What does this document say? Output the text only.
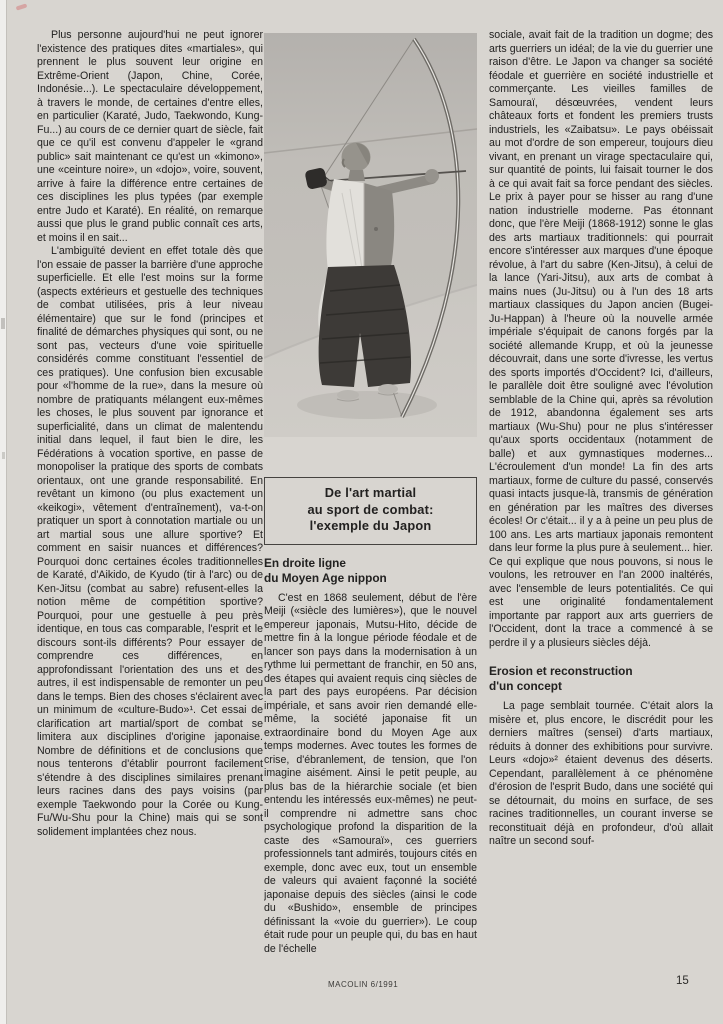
Plus personne aujourd'hui ne peut ignorer l'existence des pratiques dites «martiales», qui prennent le plus souvent leur origine en Extrême-Orient (Japon, Chine, Corée, Indonésie...). Le spectaculaire développement, à travers le monde, de certaines d'entre elles, en particulier (Karaté, Judo, Taekwondo, Kung-Fu...) au cours de ce dernier quart de siècle, fait que ce qu'il est convenu d'appeler le «grand public» sait maintenant ce qu'est un «kimono», une «ceinture noire», un «dojo», voire, souvent, arrive à faire la différence entre certaines de ces disciplines les plus typées (par exemple entre Judo et Karaté). En réalité, on remarque aussi que plus le grand public connaît ces arts, et moins il en sait...

L'ambiguïté devient en effet totale dès que l'on essaie de passer la barrière d'une approche superficielle. Et elle l'est moins sur la forme (aspects extérieurs et gestuelle des techniques de combat utilisées, pris à leur niveau élémentaire) que sur le fond (principes et finalité de démarches physiques qui sont, ou ne sont pas, vecteurs d'une voie spirituelle considérés comme constituant l'essentiel de ces pratiques). Une confusion bien excusable pour «l'homme de la rue», dans la mesure où nombre de pratiquants mélangent eux-mêmes les choses, le plus souvent par ignorance et superficialité, dans un climat de malentendu initial dans lequel, il faut bien le dire, les Fédérations à vocation sportive, en passe de monopoliser la pratique des sports de combats orientaux, ont une grande responsabilité. En revêtant un kimono (ou plus exactement un «keikogi», vêtement d'entraînement), va-t-on pratiquer un sport à connotation martiale ou un art martial sous une allure sportive? Et comment en saisir nuances et différences? Pourquoi donc certaines écoles traditionnelles de Karaté, d'Aikido, de Kyudo (tir à l'arc) ou de Ken-Jitsu (combat au sabre) refusent-elles la notion même de compétition sportive? Pourquoi, pour une gestuelle à peu près identique, en tous cas comparable, l'esprit et le discours sont-ils différents? Pour essayer de comprendre ces différences, en approfondissant l'orientation des uns et des autres, il est indispensable de remonter un peu dans le temps. Bien des choses s'éclairent avec un minimum de «culture-Budo»¹. Cet essai de clarification art martial/sport de combat se limitera aux disciplines d'origine japonaise. Nombre de définitions et de conclusions que nous tenterons d'établir pourront facilement s'étendre à des disciplines similaires prenant leurs racines dans des pays voisins (par exemple Taekwondo pour la Corée ou Kung-Fu/Wu-Shu pour la Chine) mais qui se sont solidement implantées chez nous.

De l'art martial
au sport de combat:
l'exemple du Japon
En droite ligne
du Moyen Age nippon

C'est en 1868 seulement, début de l'ère Meiji («siècle des lumières»), que le nouvel empereur japonais, Mutsu-Hito, décide de mettre fin à la longue période féodale et de lancer son pays dans la modernisation à un rythme lui permettant de franchir, en 50 ans, des étapes qui avaient requis cinq siècles de la part des pays européens. Par décision impériale, et sans avoir rien demandé elle-même, la société japonaise fit un extraordinaire bond du Moyen Age aux temps modernes. Avec toutes les formes de crise, d'ébranlement, de tension, que l'on imagine aisément. Ainsi le petit peuple, au plus bas de la hiérarchie sociale (et bien entendu les intéressés eux-mêmes) ne peut-il comprendre ni admettre sans choc psychologique profond la disparition de la caste des «Samouraï», ces guerriers professionnels tant admirés, toujours cités en exemple, donc avec eux, tout un ensemble de valeurs qui avaient façonné la société japonaise depuis des siècles (ainsi le code du «Bushido», ensemble de principes définissant la «voie du guerrier»). Le coup était rude pour un peuple qui, du bas en haut de l'échelle

sociale, avait fait de la tradition un dogme; des arts guerriers un idéal; de la vie du guerrier une raison d'être. Le Japon va changer sa société féodale et guerrière en société industrielle et commerçante. Les vieilles familles de Samouraï, désœuvrées, vendent leurs châteaux forts et fondent les premiers trusts industriels, les «Zaibatsu». Le pays obéissait au mot d'ordre de son empereur, toujours dieu vivant, en prenant un virage spectaculaire qui, sur quantité de points, lui faisait tourner le dos à ce qui avait fait sa force pendant des siècles. Le prix à payer pour se hisser au rang d'une nation industrielle moderne. Pas étonnant donc, que l'ère Meiji (1868-1912) sonne le glas des arts martiaux traditionnels: qui pourrait encore s'intéresser aux marques d'une époque révolue, à l'art du sabre (Ken-Jitsu), à celui de la lance (Yari-Jitsu), aux arts de combat à mains nues (Ju-Jitsu) ou à l'un des 18 arts martiaux classiques du Japon ancien (Bugei-Ju-Happan) à l'heure où la nouvelle armée impériale s'équipait de canons forgés par la société allemande Krupp, et où la jeunesse découvrait, dans une sorte d'ivresse, les vertus des sports importés d'Occident? Ici, d'ailleurs, le parallèle doit être souligné avec l'évolution semblable de la Chine qui, après sa révolution de 1912, abandonna également ses arts martiaux (Wu-Shu) pour ne plus s'intéresser qu'aux sports occidentaux (notamment de balle) et aux gymnastiques modernes... L'écroulement d'un monde! La fin des arts martiaux, forme de culture du passé, conservés quasi intacts jusque-là, transmis de génération en génération par les maîtres des diverses écoles! Or c'était... il y a à peine un peu plus de 100 ans. Les arts martiaux japonais remontent dans leur forme la plus pure à seulement... hier. Ce qui explique que nous pouvons, si nous le voulons, les retrouver en l'an 2000 inaltérés, avec l'ensemble de leurs potentialités. Ce qui est une originalité fondamentalement importante par rapport aux arts guerriers de l'Occident, dont la trace a commencé à se perdre il y a plusieurs siècles déjà.

Erosion et reconstruction
d'un concept

La page semblait tournée. C'était alors la misère et, plus encore, le discrédit pour les derniers maîtres (sensei) d'arts martiaux, réduits à donner des exhibitions pour survivre. Leurs «dojo»² étaient devenus des déserts. Cependant, parallèlement à ce phénomène d'érosion de l'esprit Budo, dans une société qui se détournait, du moins en surface, de ses racines traditionnelles, un courant inverse se reconstituait déjà en profondeur, d'où allait naître un second souf-

MACOLIN 6/1991	15
